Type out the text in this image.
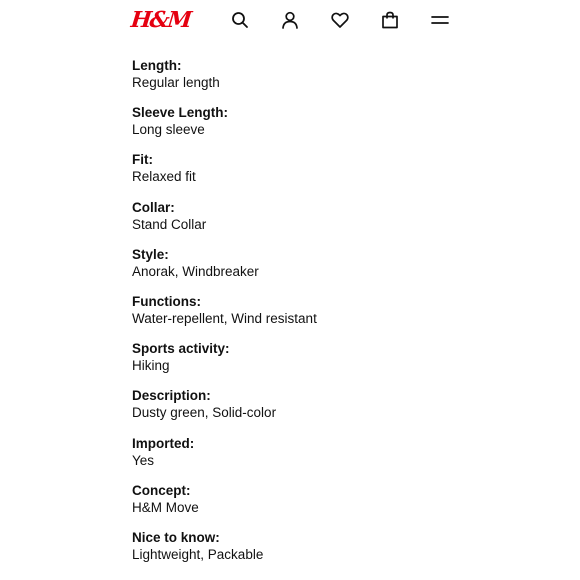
H&M
Length:
Regular length
Sleeve Length:
Long sleeve
Fit:
Relaxed fit
Collar:
Stand Collar
Style:
Anorak, Windbreaker
Functions:
Water-repellent, Wind resistant
Sports activity:
Hiking
Description:
Dusty green, Solid-color
Imported:
Yes
Concept:
H&M Move
Nice to know:
Lightweight, Packable
